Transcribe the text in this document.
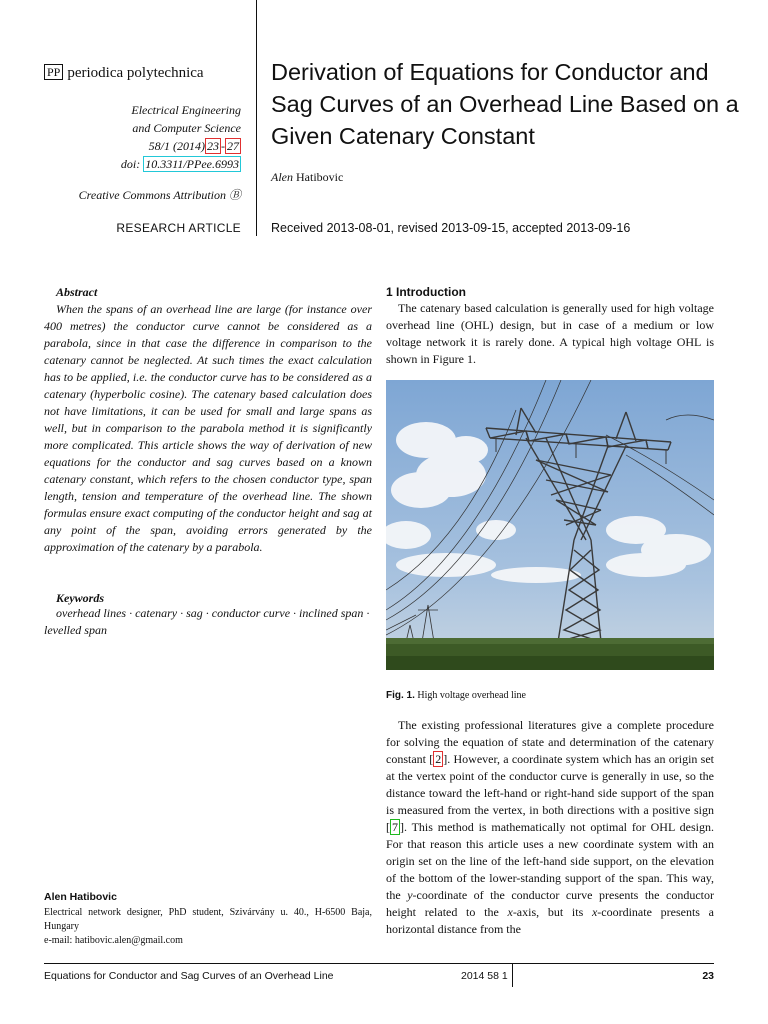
PP periodica polytechnica
Electrical Engineering
and Computer Science
58/1 (2014) 23 - 27
doi: 10.3311/PPee.6993
Creative Commons Attribution Ⓑ
RESEARCH ARTICLE
Derivation of Equations for Conductor and Sag Curves of an Overhead Line Based on a Given Catenary Constant
Alen Hatibovic
Received 2013-08-01, revised 2013-09-15, accepted 2013-09-16
Abstract
When the spans of an overhead line are large (for instance over 400 metres) the conductor curve cannot be considered as a parabola, since in that case the difference in comparison to the catenary cannot be neglected. At such times the exact calculation has to be applied, i.e. the conductor curve has to be considered as a catenary (hyperbolic cosine). The catenary based calculation does not have limitations, it can be used for small and large spans as well, but in comparison to the parabola method it is significantly more complicated. This article shows the way of derivation of new equations for the conductor and sag curves based on a known catenary constant, which refers to the chosen conductor type, span length, tension and temperature of the overhead line. The shown formulas ensure exact computing of the conductor height and sag at any point of the span, avoiding errors generated by the approximation of the catenary by a parabola.
Keywords
overhead lines · catenary · sag · conductor curve · inclined span · levelled span
Alen Hatibovic
Electrical network designer, PhD student, Szivárvány u. 40., H-6500 Baja, Hungary
e-mail: hatibovic.alen@gmail.com
1 Introduction
The catenary based calculation is generally used for high voltage overhead line (OHL) design, but in case of a medium or low voltage network it is rarely done. A typical high voltage OHL is shown in Figure 1.
Fig. 1. High voltage overhead line
The existing professional literatures give a complete procedure for solving the equation of state and determination of the catenary constant [ 2 ]. However, a coordinate system which has an origin set at the vertex point of the conductor curve is generally in use, so the distance toward the left-hand or right-hand side support of the span is measured from the vertex, in both directions with a positive sign [ 7 ]. This method is mathematically not optimal for OHL design. For that reason this article uses a new coordinate system with an origin set on the line of the left-hand side support, on the elevation of the bottom of the lower-standing support of the span. This way, the y-coordinate of the conductor curve presents the conductor height related to the x-axis, but its x-coordinate presents a horizontal distance from the
Equations for Conductor and Sag Curves of an Overhead Line	2014 58 1	23
